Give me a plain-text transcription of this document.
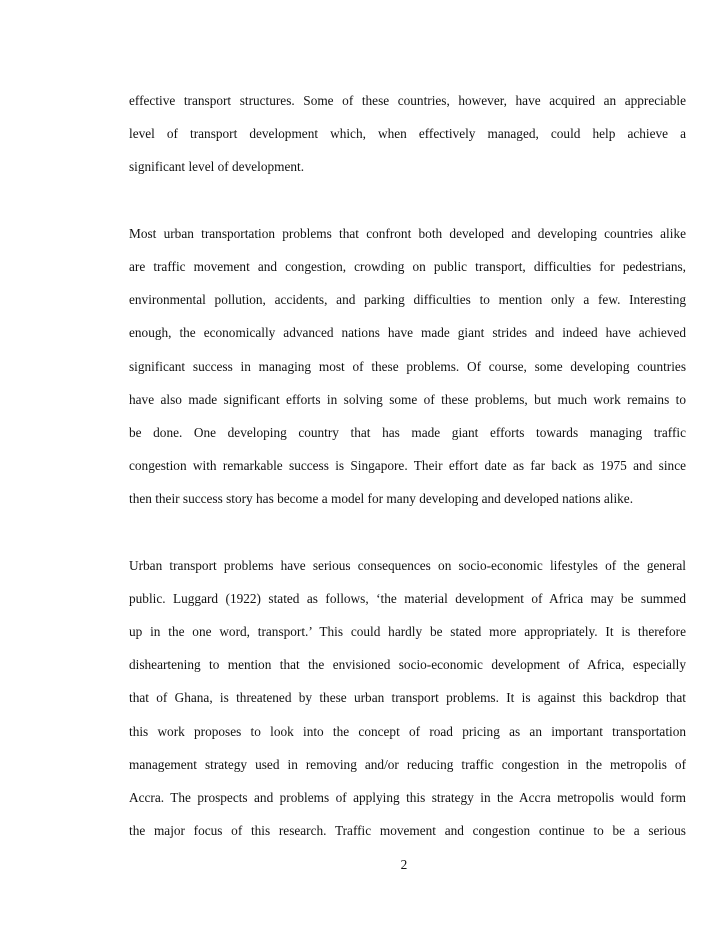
effective transport structures. Some of these countries, however, have acquired an appreciable
level of transport development which, when effectively managed, could help achieve a
significant level of development.
Most urban transportation problems that confront both developed and developing countries alike
are traffic movement and congestion, crowding on public transport, difficulties for pedestrians,
environmental pollution, accidents, and parking difficulties to mention only a few. Interesting
enough, the economically advanced nations have made giant strides and indeed have achieved
significant success in managing most of these problems. Of course, some developing countries
have also made significant efforts in solving some of these problems, but much work remains to
be done. One developing country that has made giant efforts towards managing traffic
congestion with remarkable success is Singapore. Their effort date as far back as 1975 and since
then their success story has become a model for many developing and developed nations alike.
Urban transport problems have serious consequences on socio-economic lifestyles of the general
public. Luggard (1922) stated as follows, ‘the material development of Africa may be summed
up in the one word, transport.’ This could hardly be stated more appropriately. It is therefore
disheartening to mention that the envisioned socio-economic development of Africa, especially
that of Ghana, is threatened by these urban transport problems. It is against this backdrop that
this work proposes to look into the concept of road pricing as an important transportation
management strategy used in removing and/or reducing traffic congestion in the metropolis of
Accra. The prospects and problems of applying this strategy in the Accra metropolis would form
the major focus of this research. Traffic movement and congestion continue to be a serious
2
